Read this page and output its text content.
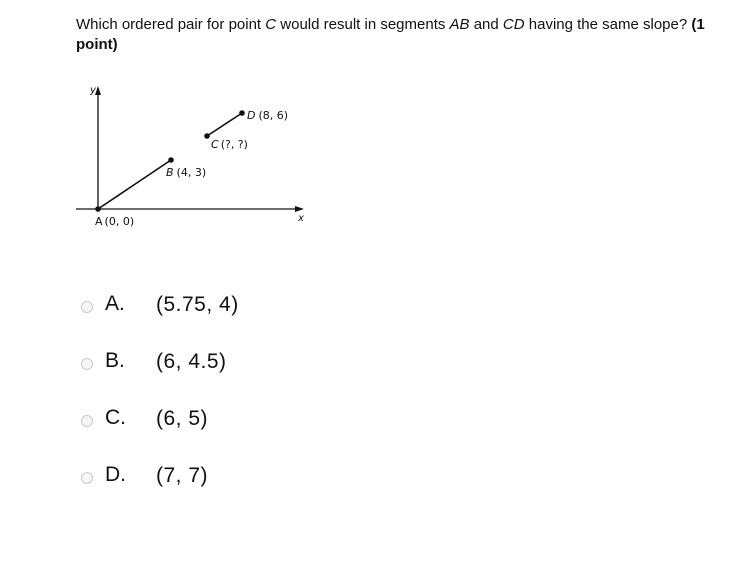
Which ordered pair for point C would result in segments AB and CD having the same slope? (1 point)
y
x
A (0, 0)
B (4, 3)
C (?, ?)
D (8, 6)
A. (5.75, 4)
B. (6, 4.5)
C. (6, 5)
D. (7, 7)
